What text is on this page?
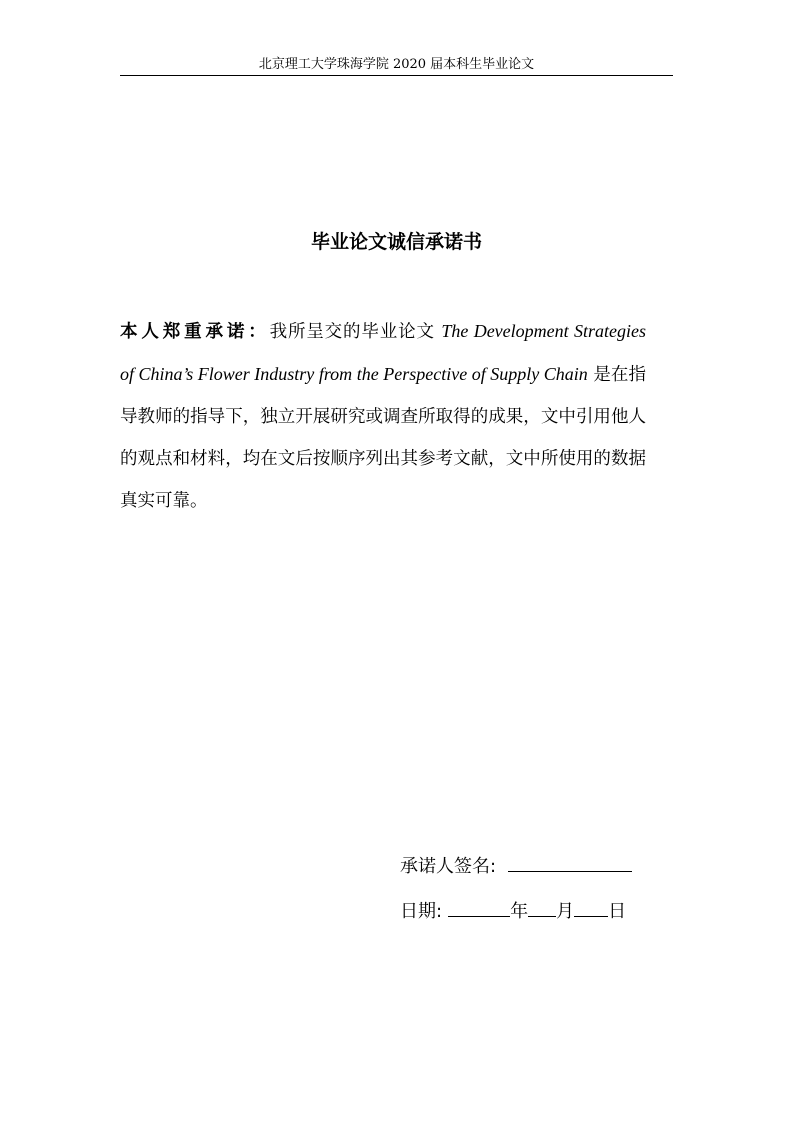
北京理工大学珠海学院 2020 届本科生毕业论文
毕业论文诚信承诺书
本人郑重承诺：我所呈交的毕业论文 The Development Strategies of China’s Flower Industry from the Perspective of Supply Chain 是在指导教师的指导下，独立开展研究或调查所取得的成果，文中引用他人的观点和材料，均在文后按顺序列出其参考文献，文中所使用的数据真实可靠。
承诺人签名:
日期:	年 月 日
